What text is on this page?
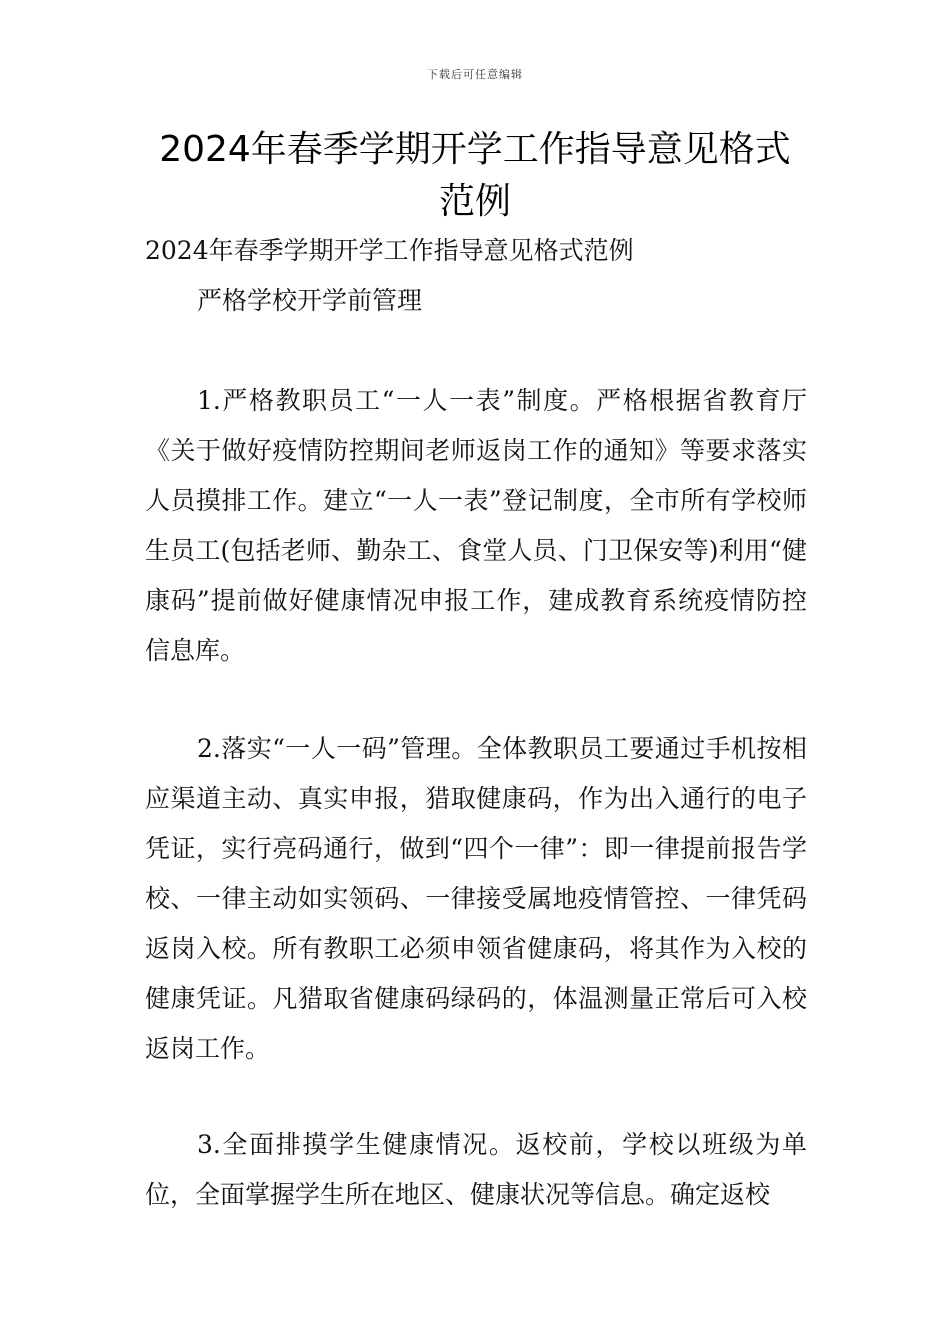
下载后可任意编辑
2024年春季学期开学工作指导意见格式范例

2024年春季学期开学工作指导意见格式范例

严格学校开学前管理

1.严格教职员工“一人一表”制度。严格根据省教育厅《关于做好疫情防控期间老师返岗工作的通知》等要求落实人员摸排工作。建立“一人一表”登记制度，全市所有学校师生员工(包括老师、勤杂工、食堂人员、门卫保安等)利用“健康码”提前做好健康情况申报工作，建成教育系统疫情防控信息库。

2.落实“一人一码”管理。全体教职员工要通过手机按相应渠道主动、真实申报，猎取健康码，作为出入通行的电子凭证，实行亮码通行，做到“四个一律”：即一律提前报告学校、一律主动如实领码、一律接受属地疫情管控、一律凭码返岗入校。所有教职工必须申领省健康码，将其作为入校的健康凭证。凡猎取省健康码绿码的，体温测量正常后可入校返岗工作。

3.全面排摸学生健康情况。返校前，学校以班级为单位，全面掌握学生所在地区、健康状况等信息。确定返校
